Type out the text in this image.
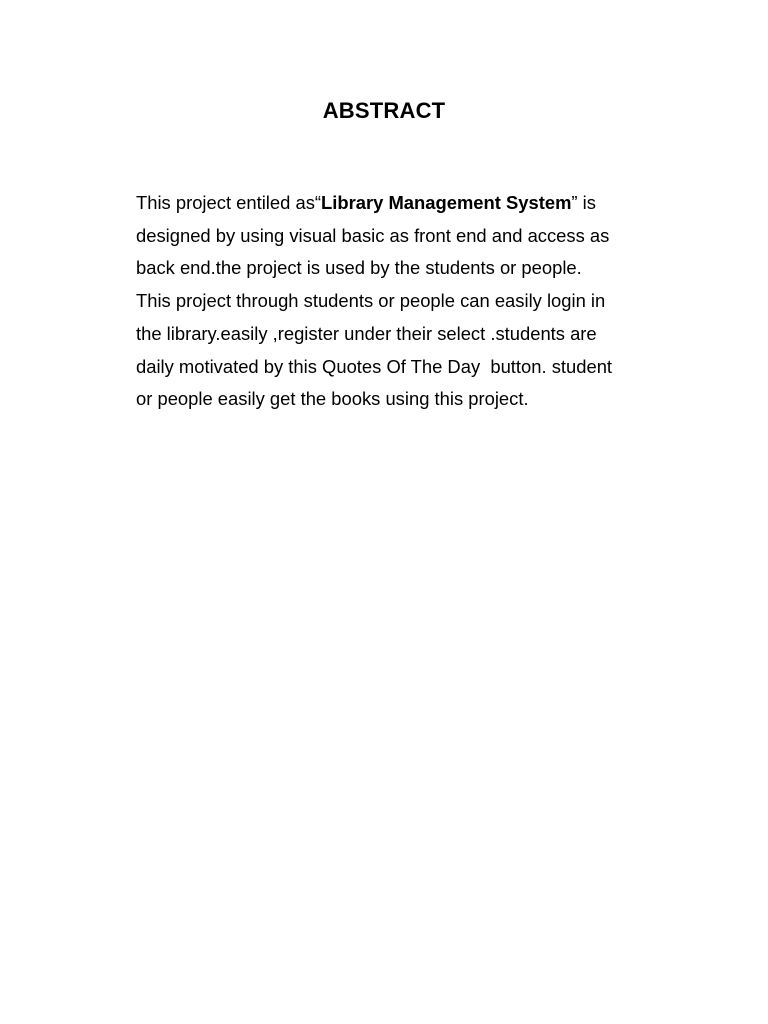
ABSTRACT
This project entiled as“Library Management System” is
designed by using visual basic as front end and access as
back end.the project is used by the students or people.
This project through students or people can easily login in
the library.easily ,register under their select .students are
daily motivated by this Quotes Of The Day  button. student
or people easily get the books using this project.
